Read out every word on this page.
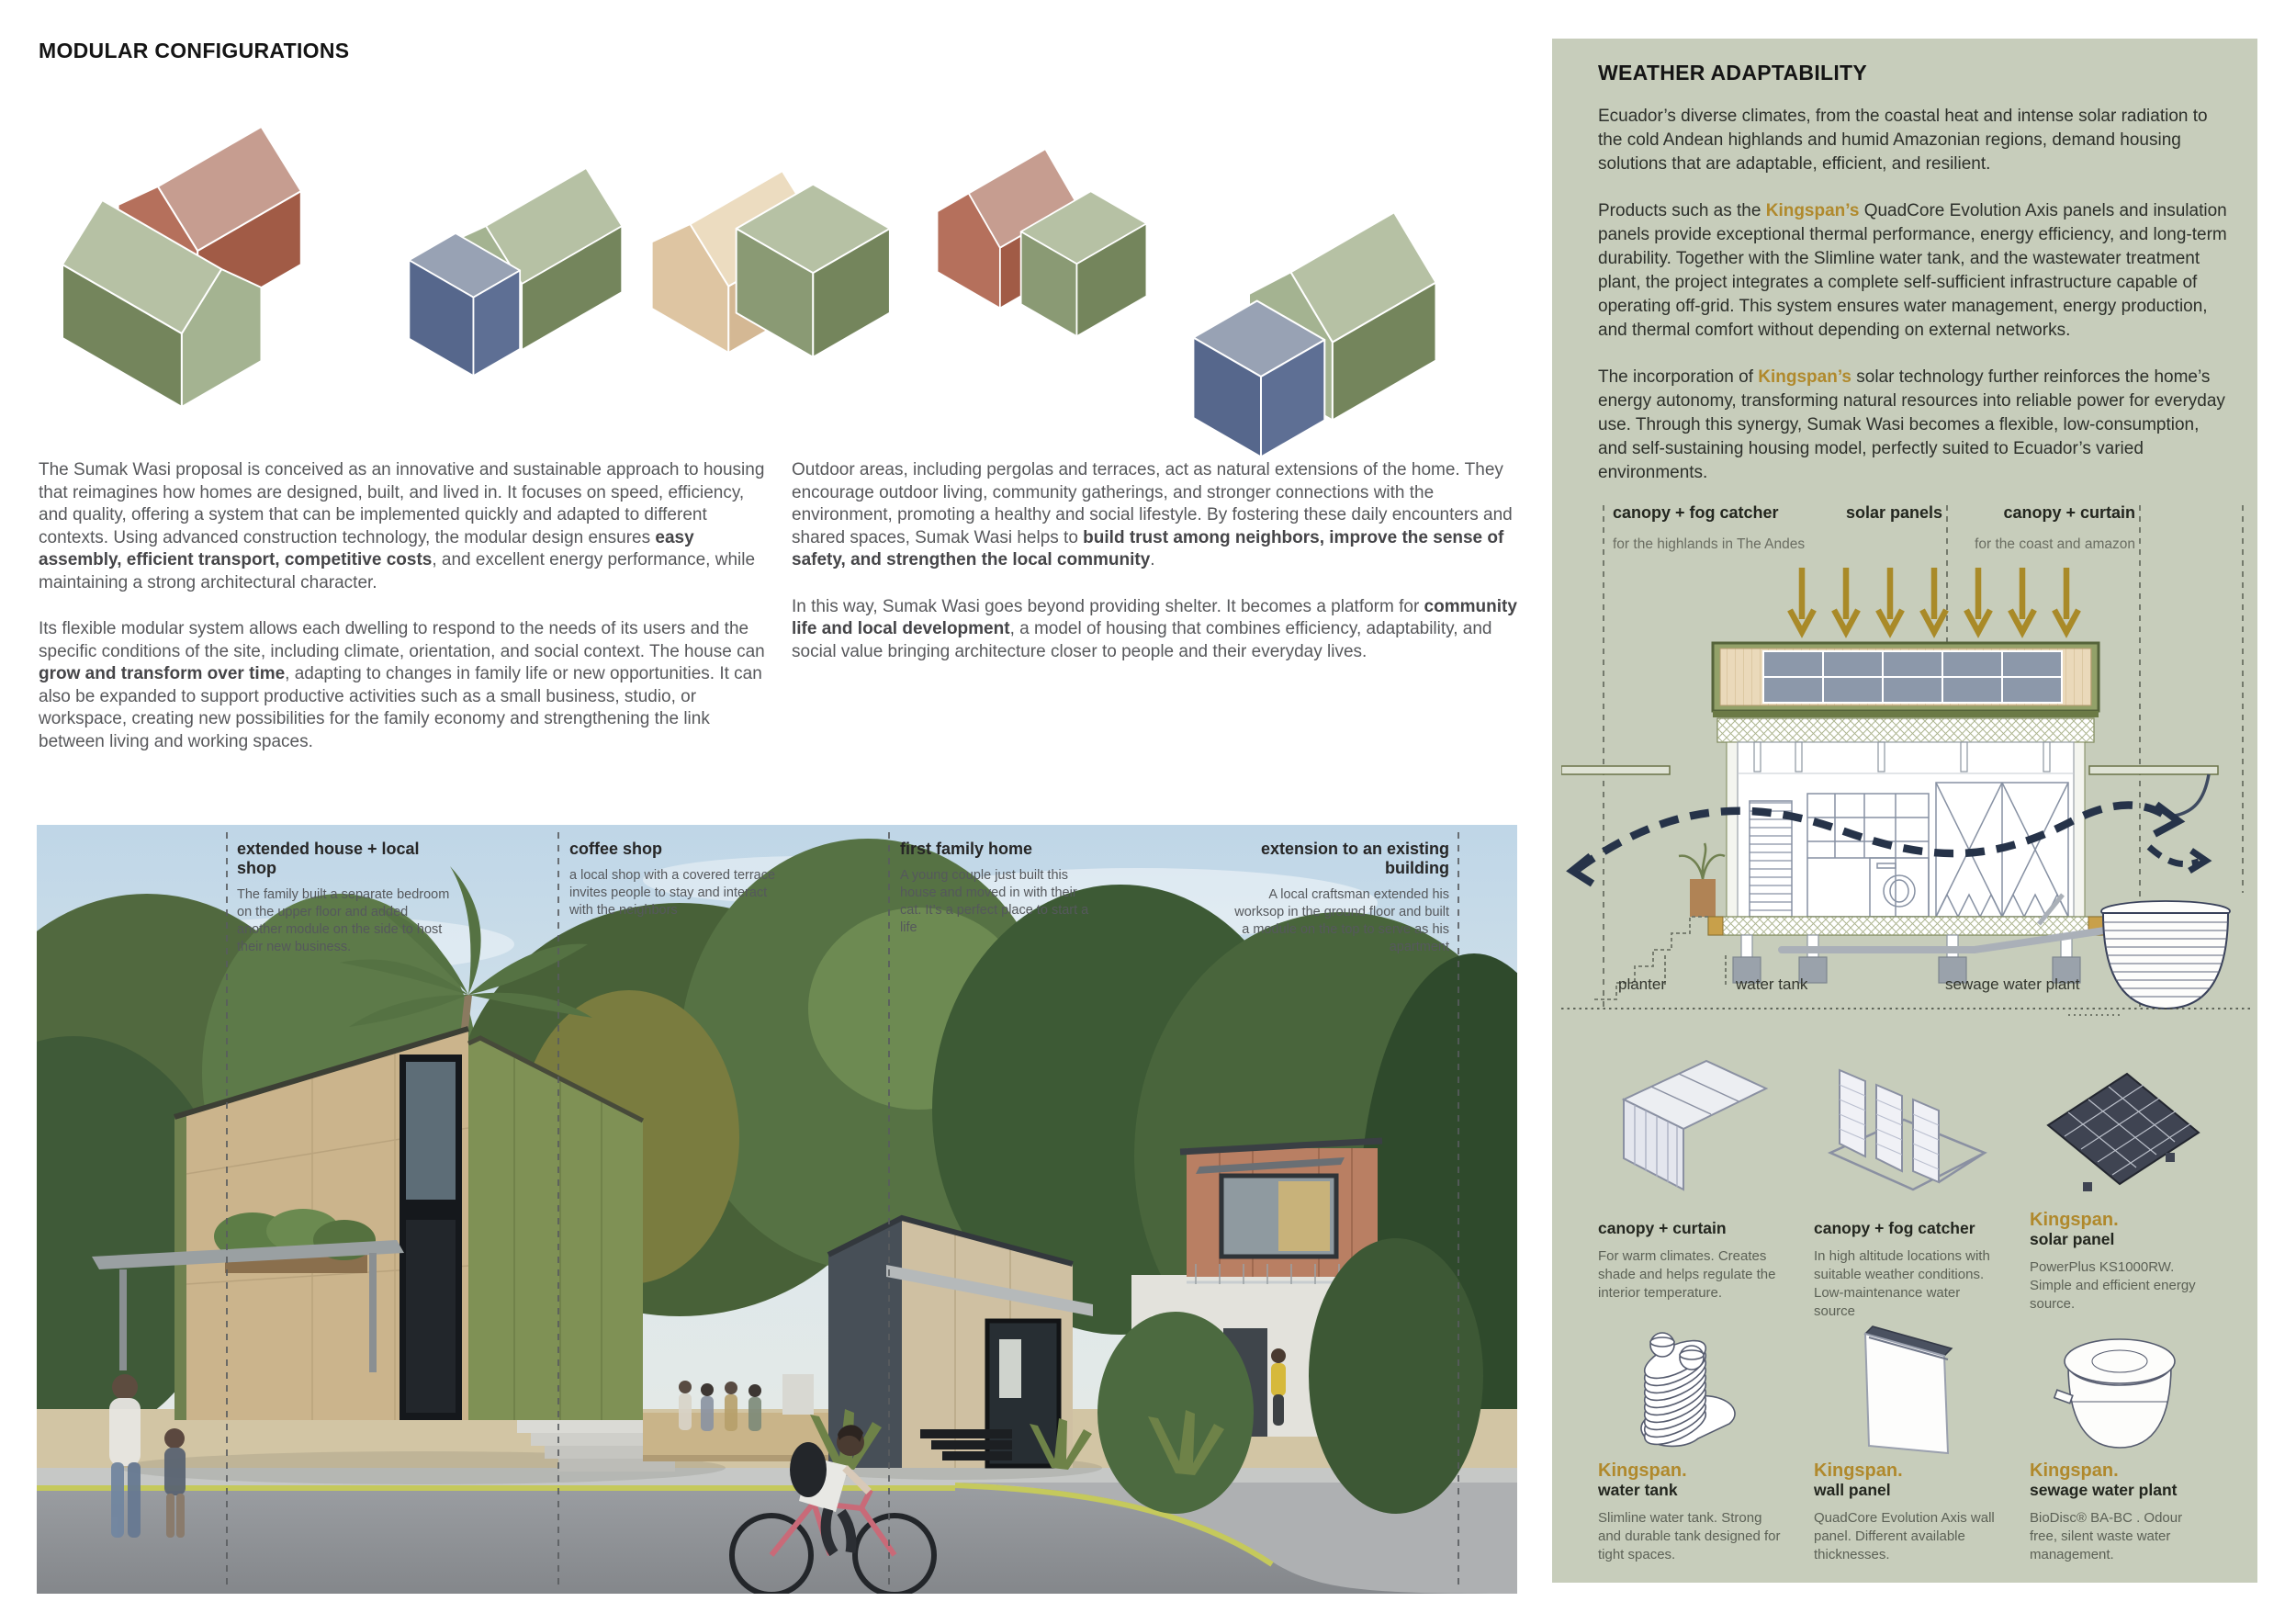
MODULAR CONFIGURATIONS

The Sumak Wasi proposal is conceived as an innovative and sustainable approach to housing that reimagines how homes are designed, built, and lived in. It focuses on speed, efficiency, and quality, offering a system that can be implemented quickly and adapted to different contexts. Using advanced construction technology, the modular design ensures easy assembly, efficient transport, competitive costs, and excellent energy performance, while maintaining a strong architectural character.

Its flexible modular system allows each dwelling to respond to the needs of its users and the specific conditions of the site, including climate, orientation, and social context. The house can grow and transform over time, adapting to changes in family life or new opportunities. It can also be expanded to support productive activities such as a small business, studio, or workspace, creating new possibilities for the family economy and strengthening the link between living and working spaces.

Outdoor areas, including pergolas and terraces, act as natural extensions of the home. They encourage outdoor living, community gatherings, and stronger connections with the environment, promoting a healthy and social lifestyle. By fostering these daily encounters and shared spaces, Sumak Wasi helps to build trust among neighbors, improve the sense of safety, and strengthen the local community.

In this way, Sumak Wasi goes beyond providing shelter. It becomes a platform for community life and local development, a model of housing that combines efficiency, adaptability, and social value bringing architecture closer to people and their everyday lives.

extended house + local shop
The family built a separate bedroom on the upper floor and added another module on the side to host their new business.
coffee shop
a local shop with a covered terrace invites people to stay and interact with the neighbors
first family home
A young couple just built this house and moved in with their cat. It’s a perfect place to start a life
extension to an existing building
A local craftsman extended his worksop in the ground floor and built a module on the top to serve as his apartment
WEATHER ADAPTABILITY

Ecuador’s diverse climates, from the coastal heat and intense solar radiation to the cold Andean highlands and humid Amazonian regions, demand housing solutions that are adaptable, efficient, and resilient.

Products such as the Kingspan’s QuadCore Evolution Axis panels and insulation panels provide exceptional thermal performance, energy efficiency, and long-term durability. Together with the Slimline water tank, and the wastewater treatment plant, the project integrates a complete self-sufficient infrastructure capable of operating off-grid. This system ensures water management, energy production, and thermal comfort without depending on external networks.

The incorporation of Kingspan’s solar technology further reinforces the home’s energy autonomy, transforming natural resources into reliable power for everyday use. Through this synergy, Sumak Wasi becomes a flexible, low-consumption, and self-sustaining housing model, perfectly suited to Ecuador’s varied environments.

canopy + fog catcher
for the highlands in The Andes
solar panels	canopy + curtain
for the coast and amazon
planter	water tank	sewage water plant
canopy + curtain
For warm climates. Creates shade and helps regulate the interior temperature.
canopy + fog catcher
In high altitude locations with suitable weather conditions. Low-maintenance water source
Kingspan.
solar panel
PowerPlus KS1000RW. Simple and efficient energy source.
Kingspan.
water tank
Slimline water tank. Strong and durable tank designed for tight spaces.
Kingspan.
wall panel
QuadCore Evolution Axis wall panel. Different available thicknesses.
Kingspan.
sewage water plant
BioDisc® BA-BC . Odour free, silent waste water management.
